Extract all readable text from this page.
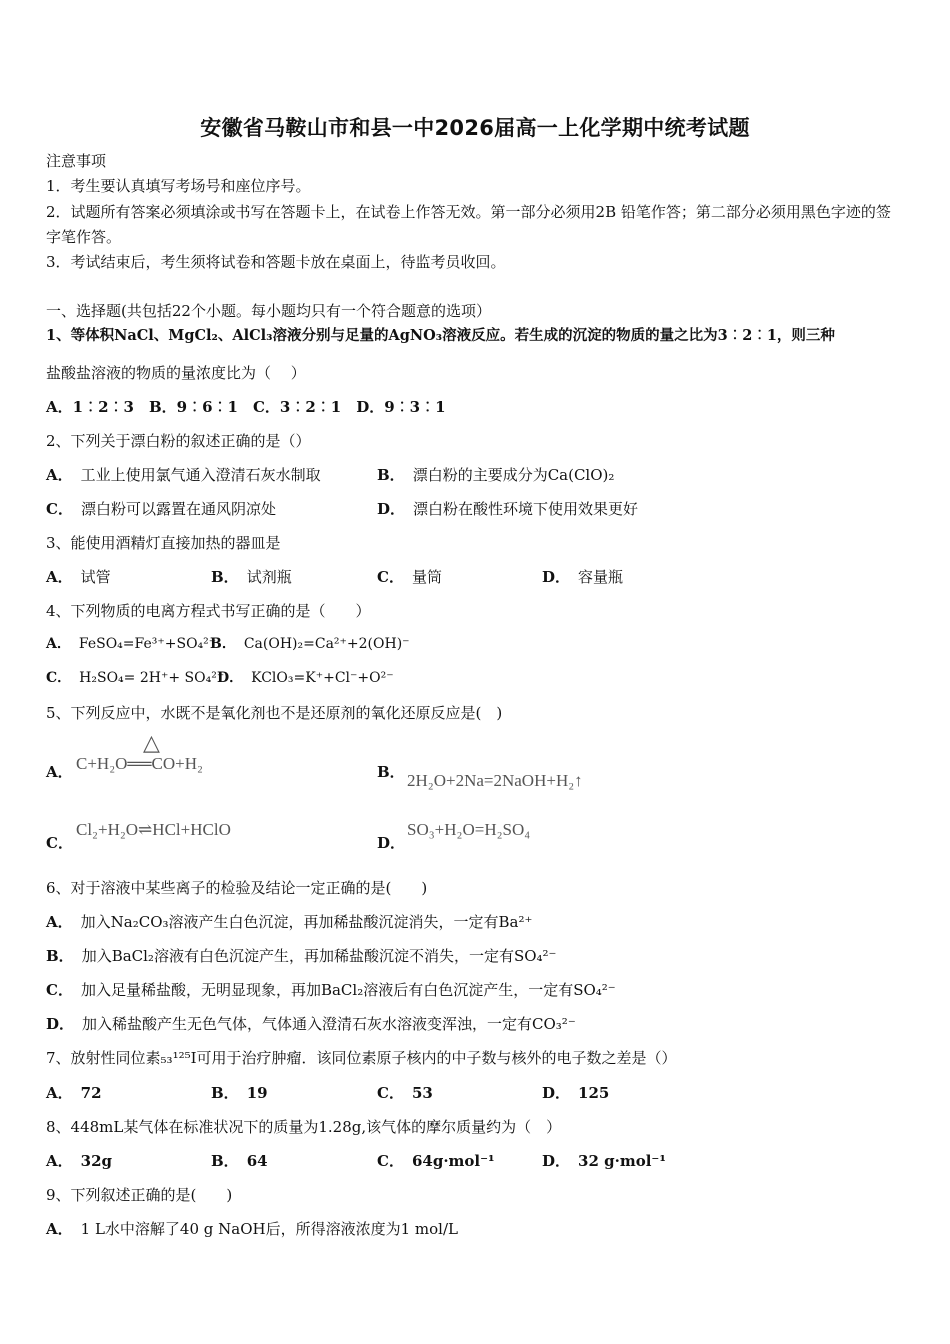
安徽省马鞍山市和县一中2026届高一上化学期中统考试题
注意事项
1．考生要认真填写考场号和座位序号。
2．试题所有答案必须填涂或书写在答题卡上，在试卷上作答无效。第一部分必须用2B 铅笔作答；第二部分必须用黑色字迹的签字笔作答。
3．考试结束后，考生须将试卷和答题卡放在桌面上，待监考员收回。
一、选择题(共包括22个小题。每小题均只有一个符合题意的选项）
1、等体积NaCl、MgCl₂、AlCl₃溶液分别与足量的AgNO₃溶液反应。若生成的沉淀的物质的量之比为3︰2︰1，则三种
盐酸盐溶液的物质的量浓度比为（　 ）
A．1︰2︰3　B．9︰6︰1　C．3︰2︰1　D．9︰3︰1
2、下列关于漂白粉的叙述正确的是（）
A． 工业上使用氯气通入澄清石灰水制取	B． 漂白粉的主要成分为Ca(ClO)₂
C． 漂白粉可以露置在通风阴凉处	D． 漂白粉在酸性环境下使用效果更好
3、能使用酒精灯直接加热的器皿是
A． 试管	B． 试剂瓶	C． 量筒	D． 容量瓶
4、下列物质的电离方程式书写正确的是（　　）
A． FeSO₄=Fe³⁺+SO₄²⁻
B． Ca(OH)₂=Ca²⁺+2(OH)⁻
C． H₂SO₄= 2H⁺+ SO₄²⁻
D． KClO₃=K⁺+Cl⁻+O²⁻
5、下列反应中，水既不是氧化剂也不是还原剂的氧化还原反应是(　)
A．
△
C+H₂O══CO+H₂	B． 2H₂O+2Na=2NaOH+H₂↑
C．
Cl₂+H₂O⇌HCl+HClO
D．
SO₃+H₂O=H₂SO₄
6、对于溶液中某些离子的检验及结论一定正确的是(　　)
A． 加入Na₂CO₃溶液产生白色沉淀，再加稀盐酸沉淀消失，一定有Ba²⁺
B． 加入BaCl₂溶液有白色沉淀产生，再加稀盐酸沉淀不消失，一定有SO₄²⁻
C． 加入足量稀盐酸，无明显现象，再加BaCl₂溶液后有白色沉淀产生，一定有SO₄²⁻
D． 加入稀盐酸产生无色气体，气体通入澄清石灰水溶液变浑浊，一定有CO₃²⁻
7、放射性同位素₅₃¹²⁵I可用于治疗肿瘤．该同位素原子核内的中子数与核外的电子数之差是（）
A． 72	B． 19	C． 53	D． 125
8、448mL某气体在标准状况下的质量为1.28g,该气体的摩尔质量约为（　）
A． 32g	B． 64	C． 64g·mol⁻¹	D． 32 g·mol⁻¹
9、下列叙述正确的是(　　)
A． 1 L水中溶解了40 g NaOH后，所得溶液浓度为1 mol/L
